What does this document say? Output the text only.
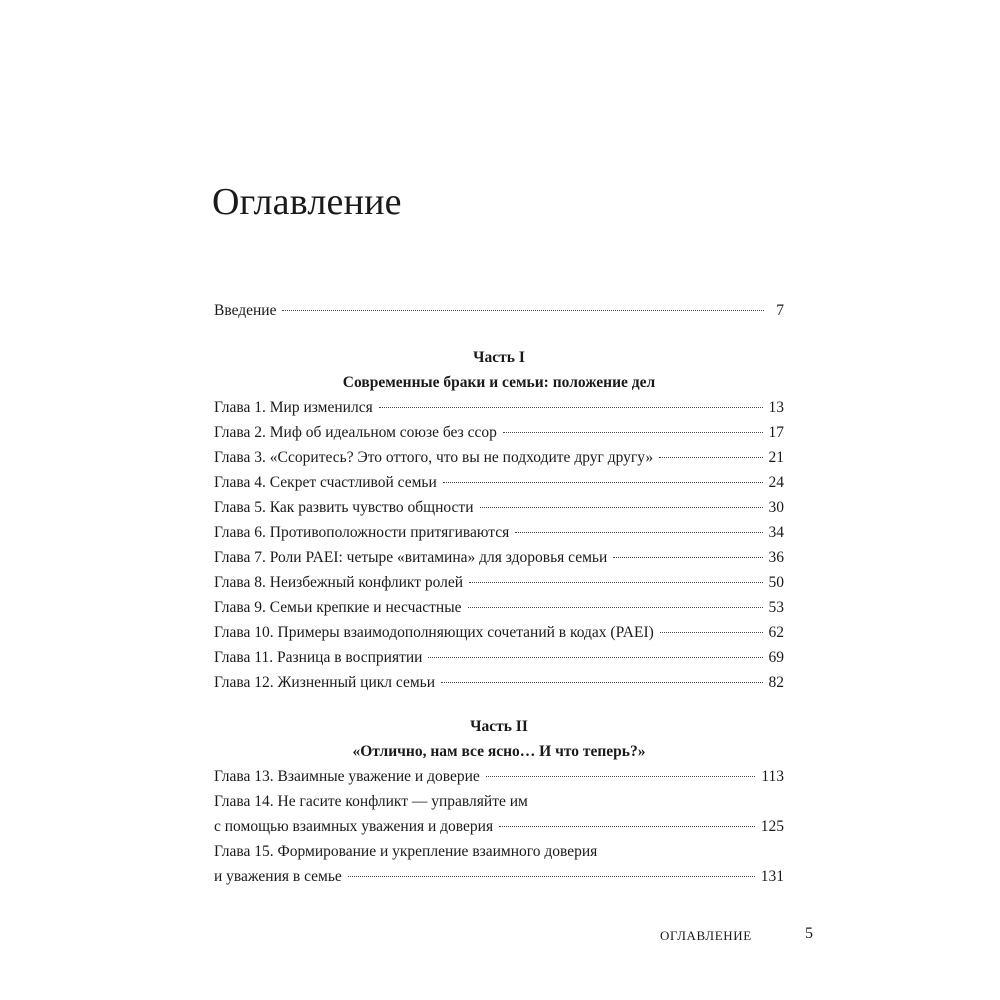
Оглавление
Введение	7
Часть I
Современные браки и семьи: положение дел
Глава 1. Мир изменился	13
Глава 2. Миф об идеальном союзе без ссор	17
Глава 3. «Ссоритесь? Это оттого, что вы не подходите друг другу»	21
Глава 4. Секрет счастливой семьи	24
Глава 5. Как развить чувство общности	30
Глава 6. Противоположности притягиваются	34
Глава 7. Роли PAEI: четыре «витамина» для здоровья семьи	36
Глава 8. Неизбежный конфликт ролей	50
Глава 9. Семьи крепкие и несчастные	53
Глава 10. Примеры взаимодополняющих сочетаний в кодах (PAEI)	62
Глава 11. Разница в восприятии	69
Глава 12. Жизненный цикл семьи	82
Часть II
«Отлично, нам все ясно… И что теперь?»
Глава 13. Взаимные уважение и доверие	113
Глава 14. Не гасите конфликт — управляйте им
с помощью взаимных уважения и доверия	125
Глава 15. Формирование и укрепление взаимного доверия
и уважения в семье	131
ОГЛАВЛЕНИЕ	5
